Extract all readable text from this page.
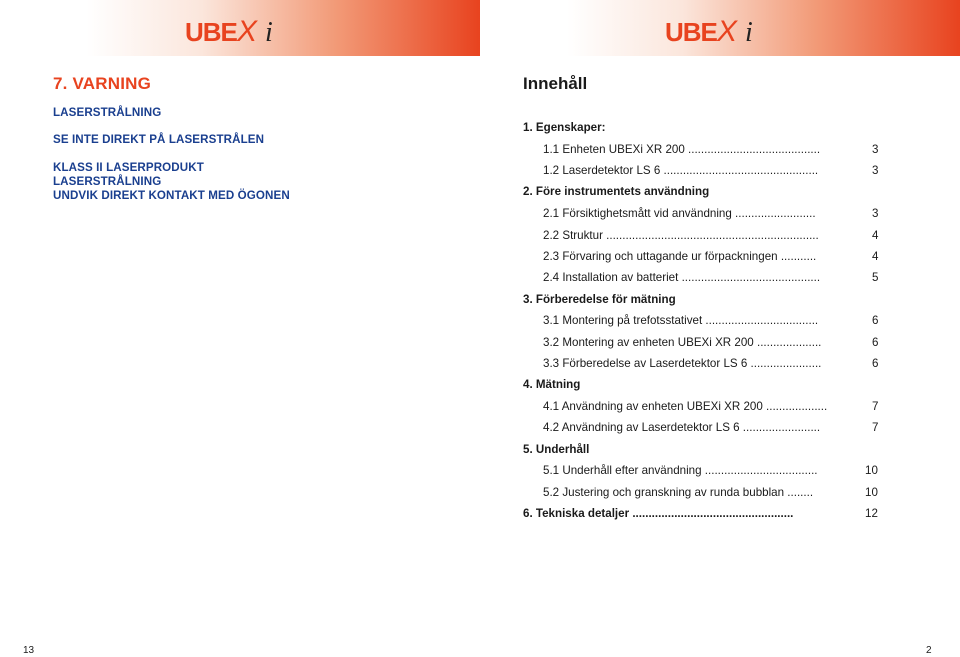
UBE X i	UBE X i
7. VARNING
LASERSTRÅLNING
SE INTE DIREKT PÅ LASERSTRÅLEN
KLASS II LASERPRODUKT
LASERSTRÅLNING
UNDVIK DIREKT KONTAKT MED ÖGONEN
Innehåll
1. Egenskaper:
1.1 Enheten UBEXi XR 200 .........................................	3
1.2 Laserdetektor LS 6 ................................................	3
2. Före instrumentets användning
2.1 Försiktighetsmått vid användning .........................	3
2.2 Struktur ..................................................................	4
2.3 Förvaring och uttagande ur förpackningen ...........	4
2.4 Installation av batteriet ...........................................	5
3. Förberedelse för mätning
3.1 Montering på trefotsstativet ...................................	6
3.2 Montering av enheten UBEXi XR 200 ....................	6
3.3 Förberedelse av Laserdetektor LS 6 ......................	6
4. Mätning
4.1 Användning av enheten UBEXi XR 200 ...................	7
4.2 Användning av Laserdetektor LS 6 ........................	7
5. Underhåll
5.1 Underhåll efter användning ...................................	10
5.2 Justering och granskning av runda bubblan ........	10
6. Tekniska detaljer ..................................................	12
13	2
